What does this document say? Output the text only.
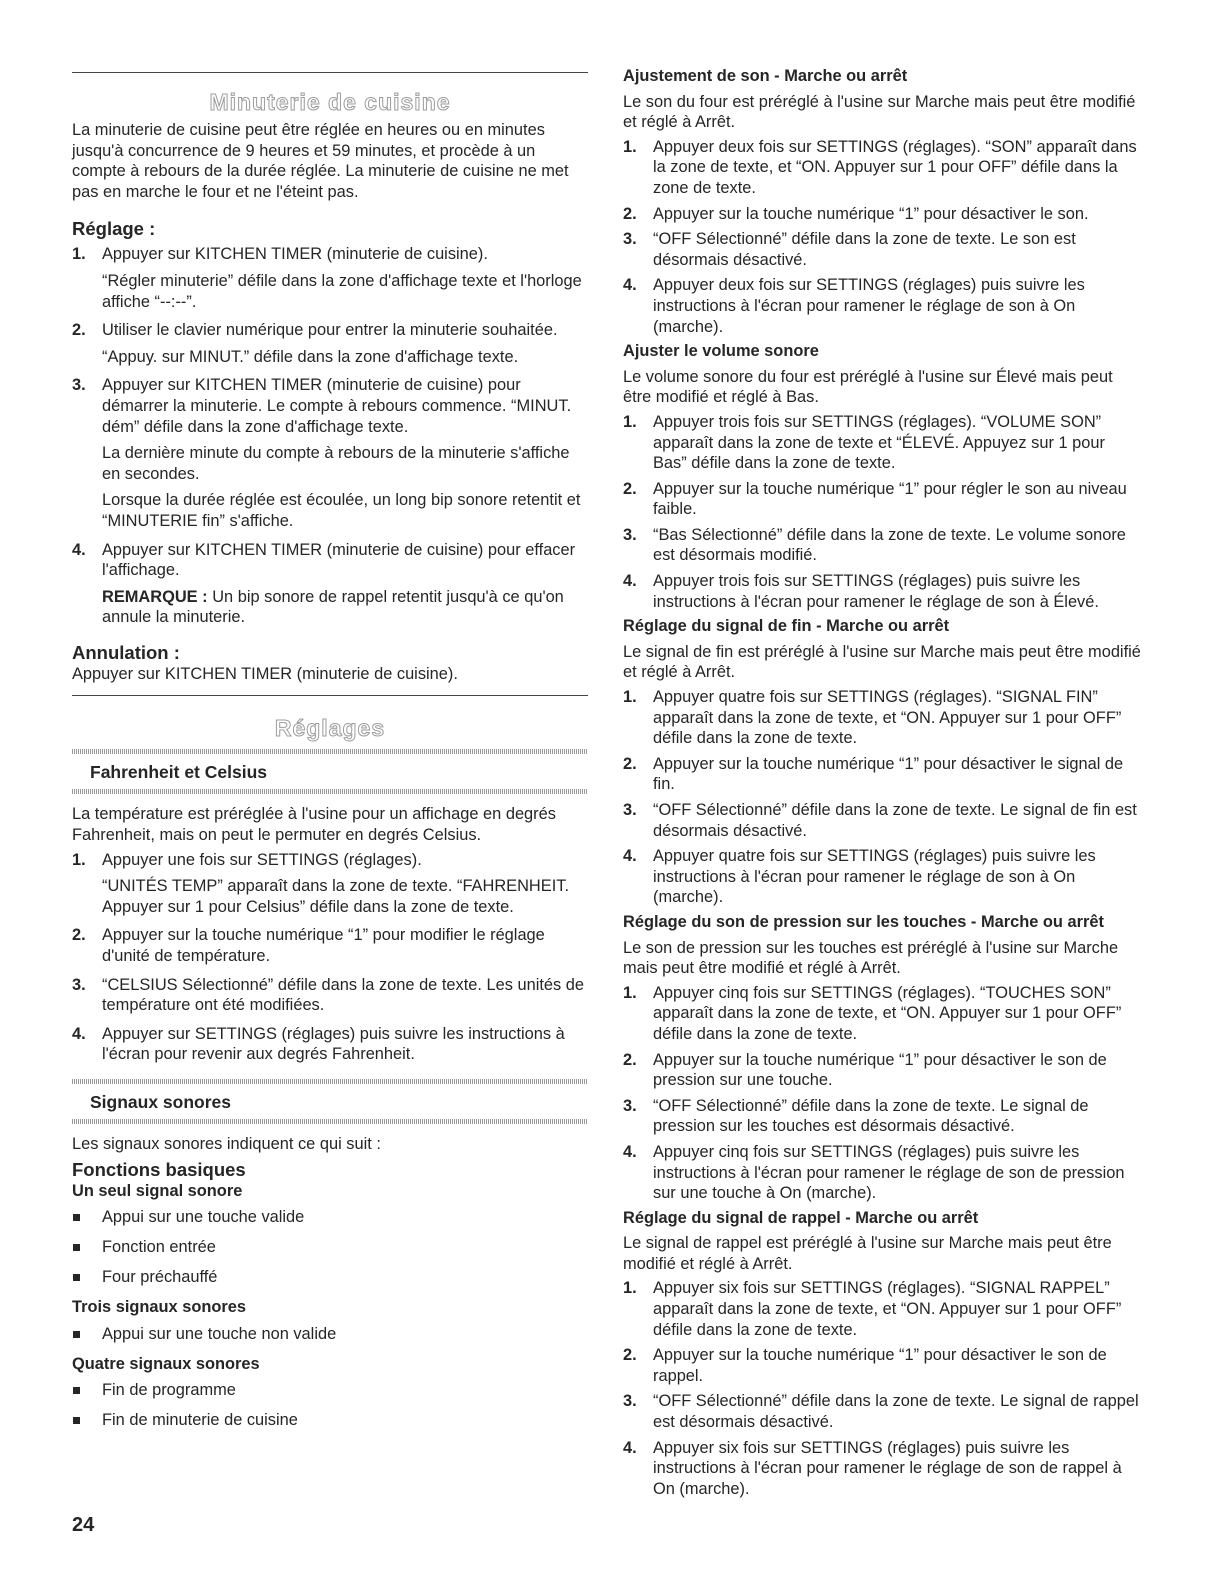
Minuterie de cuisine

La minuterie de cuisine peut être réglée en heures ou en minutes jusqu'à concurrence de 9 heures et 59 minutes, et procède à un compte à rebours de la durée réglée. La minuterie de cuisine ne met pas en marche le four et ne l'éteint pas.

Réglage :
1. Appuyer sur KITCHEN TIMER (minuterie de cuisine).
“Régler minuterie” défile dans la zone d'affichage texte et l'horloge affiche “--:--”.
2. Utiliser le clavier numérique pour entrer la minuterie souhaitée.
“Appuy. sur MINUT.” défile dans la zone d'affichage texte.
3. Appuyer sur KITCHEN TIMER (minuterie de cuisine) pour démarrer la minuterie. Le compte à rebours commence. “MINUT. dém” défile dans la zone d'affichage texte.
La dernière minute du compte à rebours de la minuterie s'affiche en secondes.
Lorsque la durée réglée est écoulée, un long bip sonore retentit et “MINUTERIE fin” s'affiche.
4. Appuyer sur KITCHEN TIMER (minuterie de cuisine) pour effacer l'affichage.
REMARQUE : Un bip sonore de rappel retentit jusqu'à ce qu'on annule la minuterie.
Annulation :

Appuyer sur KITCHEN TIMER (minuterie de cuisine).

Réglages
Fahrenheit et Celsius

La température est préréglée à l'usine pour un affichage en degrés Fahrenheit, mais on peut le permuter en degrés Celsius.

1. Appuyer une fois sur SETTINGS (réglages).
“UNITÉS TEMP” apparaît dans la zone de texte. “FAHRENHEIT. Appuyer sur 1 pour Celsius” défile dans la zone de texte.
2. Appuyer sur la touche numérique “1” pour modifier le réglage d'unité de température.
3. “CELSIUS Sélectionné” défile dans la zone de texte. Les unités de température ont été modifiées.
4. Appuyer sur SETTINGS (réglages) puis suivre les instructions à l'écran pour revenir aux degrés Fahrenheit.
Signaux sonores

Les signaux sonores indiquent ce qui suit :

Fonctions basiques
Un seul signal sonore
Appui sur une touche valide
Fonction entrée
Four préchauffé
Trois signaux sonores
Appui sur une touche non valide
Quatre signaux sonores
Fin de programme
Fin de minuterie de cuisine
Ajustement de son - Marche ou arrêt

Le son du four est préréglé à l'usine sur Marche mais peut être modifié et réglé à Arrêt.

1. Appuyer deux fois sur SETTINGS (réglages). “SON” apparaît dans la zone de texte, et “ON. Appuyer sur 1 pour OFF” défile dans la zone de texte.
2. Appuyer sur la touche numérique “1” pour désactiver le son.
3. “OFF Sélectionné” défile dans la zone de texte. Le son est désormais désactivé.
4. Appuyer deux fois sur SETTINGS (réglages) puis suivre les instructions à l'écran pour ramener le réglage de son à On (marche).
Ajuster le volume sonore

Le volume sonore du four est préréglé à l'usine sur Élevé mais peut être modifié et réglé à Bas.

1. Appuyer trois fois sur SETTINGS (réglages). “VOLUME SON” apparaît dans la zone de texte et “ÉLEVÉ. Appuyez sur 1 pour Bas” défile dans la zone de texte.
2. Appuyer sur la touche numérique “1” pour régler le son au niveau faible.
3. “Bas Sélectionné” défile dans la zone de texte. Le volume sonore est désormais modifié.
4. Appuyer trois fois sur SETTINGS (réglages) puis suivre les instructions à l'écran pour ramener le réglage de son à Élevé.
Réglage du signal de fin - Marche ou arrêt

Le signal de fin est préréglé à l'usine sur Marche mais peut être modifié et réglé à Arrêt.

1. Appuyer quatre fois sur SETTINGS (réglages). “SIGNAL FIN” apparaît dans la zone de texte, et “ON. Appuyer sur 1 pour OFF” défile dans la zone de texte.
2. Appuyer sur la touche numérique “1” pour désactiver le signal de fin.
3. “OFF Sélectionné” défile dans la zone de texte. Le signal de fin est désormais désactivé.
4. Appuyer quatre fois sur SETTINGS (réglages) puis suivre les instructions à l'écran pour ramener le réglage de son à On (marche).
Réglage du son de pression sur les touches - Marche ou arrêt

Le son de pression sur les touches est préréglé à l'usine sur Marche mais peut être modifié et réglé à Arrêt.

1. Appuyer cinq fois sur SETTINGS (réglages). “TOUCHES SON” apparaît dans la zone de texte, et “ON. Appuyer sur 1 pour OFF” défile dans la zone de texte.
2. Appuyer sur la touche numérique “1” pour désactiver le son de pression sur une touche.
3. “OFF Sélectionné” défile dans la zone de texte. Le signal de pression sur les touches est désormais désactivé.
4. Appuyer cinq fois sur SETTINGS (réglages) puis suivre les instructions à l'écran pour ramener le réglage de son de pression sur une touche à On (marche).
Réglage du signal de rappel - Marche ou arrêt

Le signal de rappel est préréglé à l'usine sur Marche mais peut être modifié et réglé à Arrêt.

1. Appuyer six fois sur SETTINGS (réglages). “SIGNAL RAPPEL” apparaît dans la zone de texte, et “ON. Appuyer sur 1 pour OFF” défile dans la zone de texte.
2. Appuyer sur la touche numérique “1” pour désactiver le son de rappel.
3. “OFF Sélectionné” défile dans la zone de texte. Le signal de rappel est désormais désactivé.
4. Appuyer six fois sur SETTINGS (réglages) puis suivre les instructions à l'écran pour ramener le réglage de son de rappel à On (marche).
24
